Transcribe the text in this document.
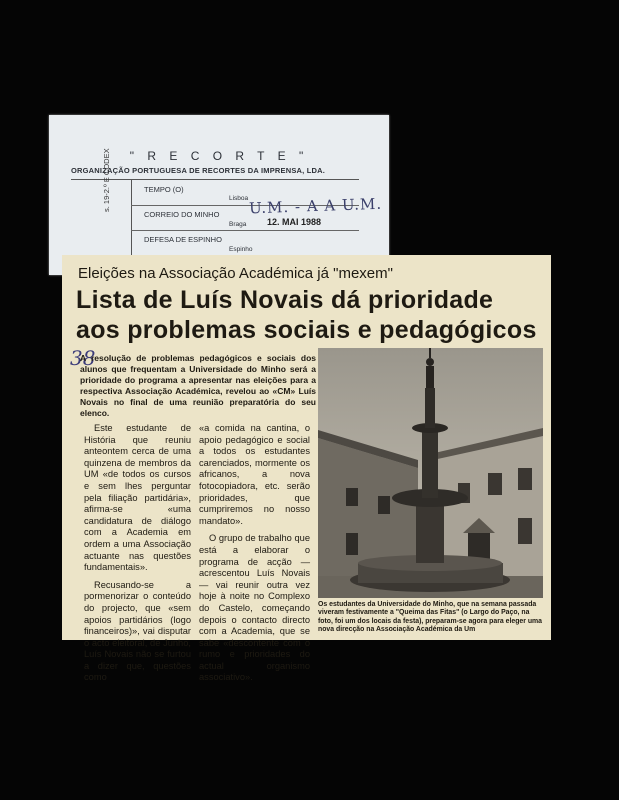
" R E C O R T E "
ORGANIZAÇÃO PORTUGUESA DE RECORTES DA IMPRENSA, LDA.
s. 19-2.º E CODEX	TEMPO (O)
Lisboa
CORREIO DO MINHO
Braga
DEFESA DE ESPINHO
Espinho
U.M. - A A U.M.
12. MAI 1988
Eleições na Associação Académica já "mexem"
Lista de Luís Novais dá prioridade
aos problemas sociais e pedagógicos
38
A resolução de problemas pedagógicos e sociais dos alunos que frequentam a Universidade do Minho será a prioridade do programa a apresentar nas eleições para a respectiva Associação Académica, revelou ao «CM» Luís Novais no final de uma reunião preparatória do seu elenco.

Este estudante de História que reuniu anteontem cerca de uma quinzena de membros da UM «de todos os cursos e sem lhes perguntar pela filiação partidária», afirma-se «uma candidatura de diálogo com a Academia em ordem a uma Associação actuante nas questões fundamentais».

Recusando-se a pormenorizar o conteúdo do projecto, que «sem apoios partidários (logo financeiros)», vai disputar o acto eleitoral, de Junho, Luís Novais não se furtou a dizer que, questões como

«a comida na cantina, o apoio pedagógico e social a todos os estudantes carenciados, mormente os africanos, a nova fotocopiadora, etc. serão prioridades, que cumpriremos no nosso mandato».

O grupo de trabalho que está a elaborar o programa de acção — acrescentou Luís Novais — vai reunir outra vez hoje à noite no Complexo do Castelo, começando depois o contacto directo com a Academia, que se sabe «descontente com o rumo e prioridades do actual organismo associativo».

Os estudantes da Universidade do Minho, que na semana passada viveram festivamente a "Queima das Fitas" (o Largo do Paço, na foto, foi um dos locais da festa), preparam-se agora para eleger uma nova direcção na Associação Académica da Um
